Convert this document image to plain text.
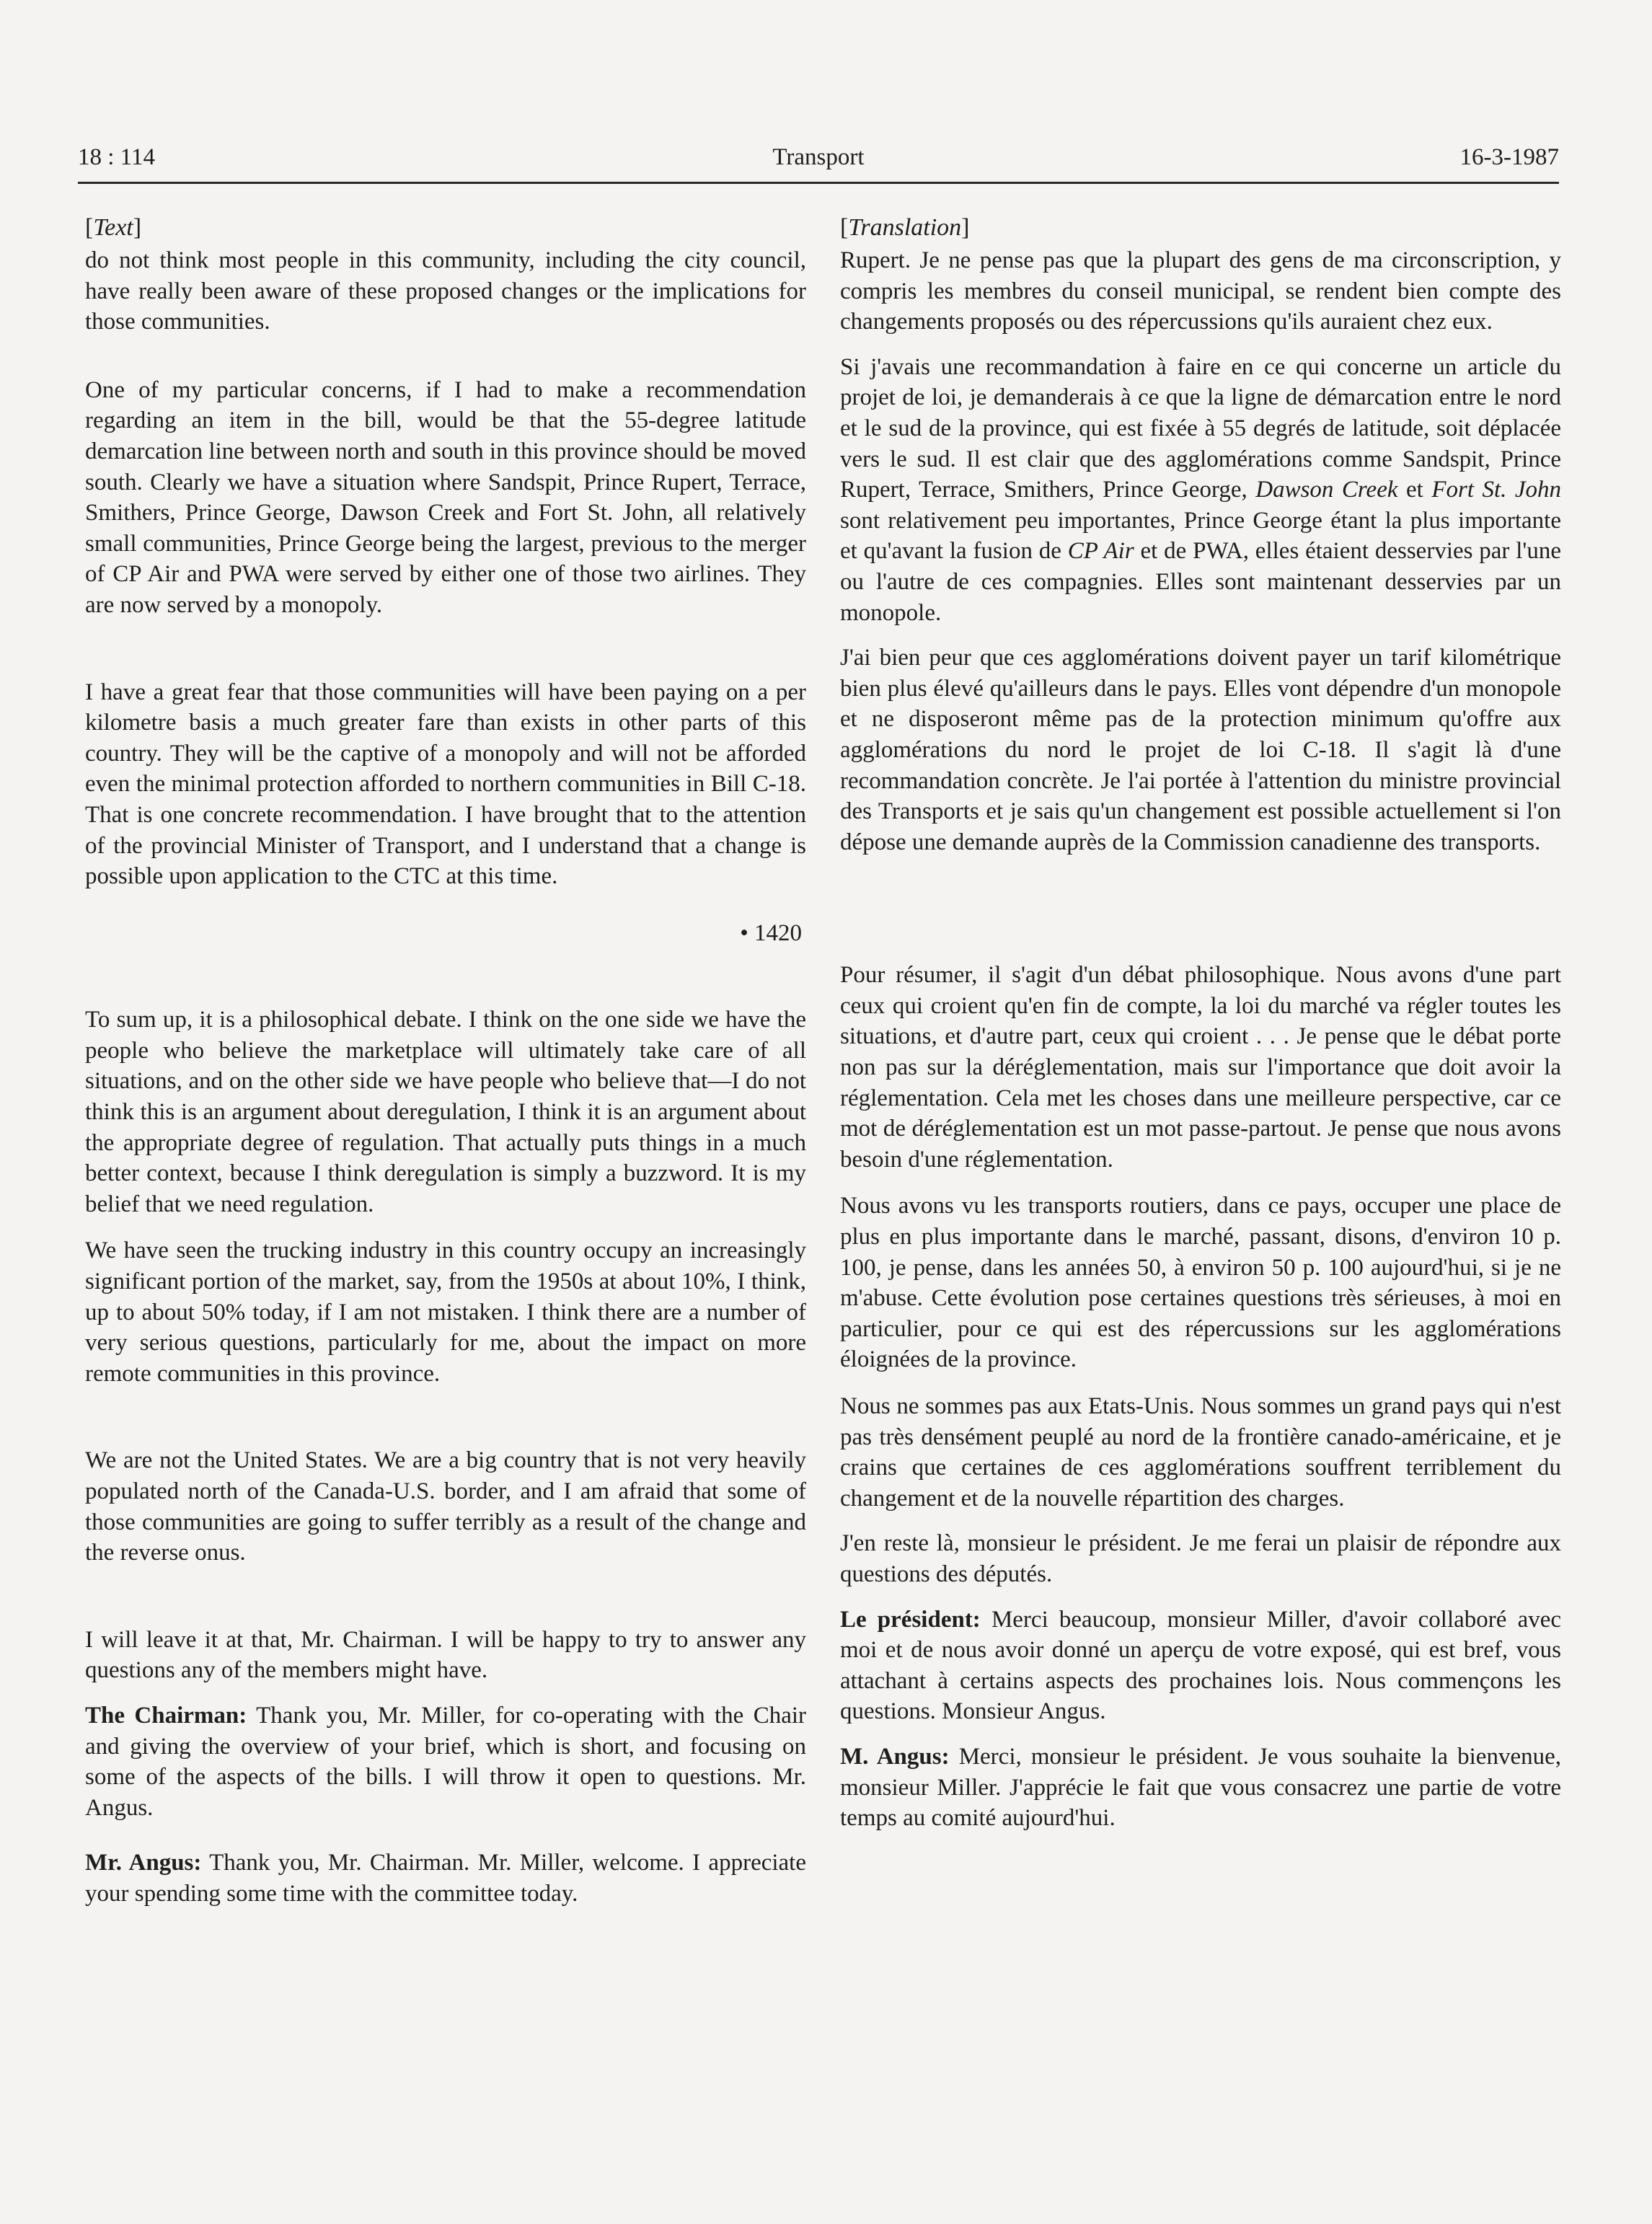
18 : 114	Transport	16-3-1987
[Text]

do not think most people in this community, including the city council, have really been aware of these proposed changes or the implications for those communities.

One of my particular concerns, if I had to make a recommendation regarding an item in the bill, would be that the 55-degree latitude demarcation line between north and south in this province should be moved south. Clearly we have a situation where Sandspit, Prince Rupert, Terrace, Smithers, Prince George, Dawson Creek and Fort St. John, all relatively small communities, Prince George being the largest, previous to the merger of CP Air and PWA were served by either one of those two airlines. They are now served by a monopoly.

I have a great fear that those communities will have been paying on a per kilometre basis a much greater fare than exists in other parts of this country. They will be the captive of a monopoly and will not be afforded even the minimal protection afforded to northern communities in Bill C-18. That is one concrete recommendation. I have brought that to the attention of the provincial Minister of Transport, and I understand that a change is possible upon application to the CTC at this time.

• 1420

To sum up, it is a philosophical debate. I think on the one side we have the people who believe the marketplace will ultimately take care of all situations, and on the other side we have people who believe that—I do not think this is an argument about deregulation, I think it is an argument about the appropriate degree of regulation. That actually puts things in a much better context, because I think deregulation is simply a buzzword. It is my belief that we need regulation.

We have seen the trucking industry in this country occupy an increasingly significant portion of the market, say, from the 1950s at about 10%, I think, up to about 50% today, if I am not mistaken. I think there are a number of very serious questions, particularly for me, about the impact on more remote communities in this province.

We are not the United States. We are a big country that is not very heavily populated north of the Canada-U.S. border, and I am afraid that some of those communities are going to suffer terribly as a result of the change and the reverse onus.

I will leave it at that, Mr. Chairman. I will be happy to try to answer any questions any of the members might have.

The Chairman: Thank you, Mr. Miller, for co-operating with the Chair and giving the overview of your brief, which is short, and focusing on some of the aspects of the bills. I will throw it open to questions. Mr. Angus.

Mr. Angus: Thank you, Mr. Chairman. Mr. Miller, welcome. I appreciate your spending some time with the committee today.

[Translation]

Rupert. Je ne pense pas que la plupart des gens de ma circonscription, y compris les membres du conseil municipal, se rendent bien compte des changements proposés ou des répercussions qu'ils auraient chez eux.

Si j'avais une recommandation à faire en ce qui concerne un article du projet de loi, je demanderais à ce que la ligne de démarcation entre le nord et le sud de la province, qui est fixée à 55 degrés de latitude, soit déplacée vers le sud. Il est clair que des agglomérations comme Sandspit, Prince Rupert, Terrace, Smithers, Prince George, Dawson Creek et Fort St. John sont relativement peu importantes, Prince George étant la plus importante et qu'avant la fusion de CP Air et de PWA, elles étaient desservies par l'une ou l'autre de ces compagnies. Elles sont maintenant desservies par un monopole.

J'ai bien peur que ces agglomérations doivent payer un tarif kilométrique bien plus élevé qu'ailleurs dans le pays. Elles vont dépendre d'un monopole et ne disposeront même pas de la protection minimum qu'offre aux agglomérations du nord le projet de loi C-18. Il s'agit là d'une recommandation concrète. Je l'ai portée à l'attention du ministre provincial des Transports et je sais qu'un changement est possible actuellement si l'on dépose une demande auprès de la Commission canadienne des transports.

Pour résumer, il s'agit d'un débat philosophique. Nous avons d'une part ceux qui croient qu'en fin de compte, la loi du marché va régler toutes les situations, et d'autre part, ceux qui croient . . . Je pense que le débat porte non pas sur la déréglementation, mais sur l'importance que doit avoir la réglementation. Cela met les choses dans une meilleure perspective, car ce mot de déréglementation est un mot passe-partout. Je pense que nous avons besoin d'une réglementation.

Nous avons vu les transports routiers, dans ce pays, occuper une place de plus en plus importante dans le marché, passant, disons, d'environ 10 p. 100, je pense, dans les années 50, à environ 50 p. 100 aujourd'hui, si je ne m'abuse. Cette évolution pose certaines questions très sérieuses, à moi en particulier, pour ce qui est des répercussions sur les agglomérations éloignées de la province.

Nous ne sommes pas aux Etats-Unis. Nous sommes un grand pays qui n'est pas très densément peuplé au nord de la frontière canado-américaine, et je crains que certaines de ces agglomérations souffrent terriblement du changement et de la nouvelle répartition des charges.

J'en reste là, monsieur le président. Je me ferai un plaisir de répondre aux questions des députés.

Le président: Merci beaucoup, monsieur Miller, d'avoir collaboré avec moi et de nous avoir donné un aperçu de votre exposé, qui est bref, vous attachant à certains aspects des prochaines lois. Nous commençons les questions. Monsieur Angus.

M. Angus: Merci, monsieur le président. Je vous souhaite la bienvenue, monsieur Miller. J'apprécie le fait que vous consacrez une partie de votre temps au comité aujourd'hui.
